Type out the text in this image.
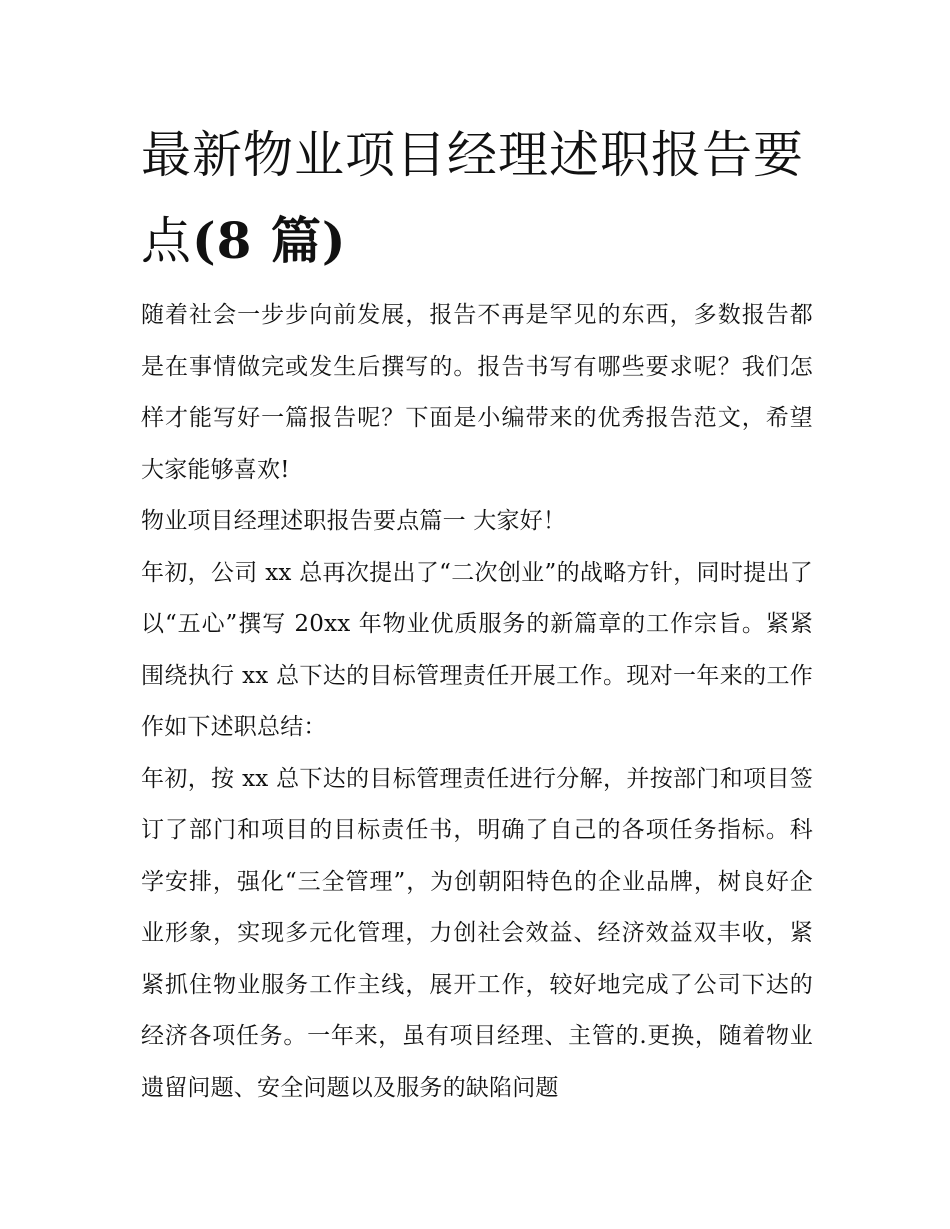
最新物业项目经理述职报告要
点(8 篇)

随着社会一步步向前发展，报告不再是罕见的东西，多数报告都是在事情做完或发生后撰写的。报告书写有哪些要求呢？我们怎样才能写好一篇报告呢？下面是小编带来的优秀报告范文，希望大家能够喜欢!

物业项目经理述职报告要点篇一 大家好！

年初，公司 xx 总再次提出了“二次创业”的战略方针，同时提出了以“五心”撰写 20xx 年物业优质服务的新篇章的工作宗旨。紧紧围绕执行 xx 总下达的目标管理责任开展工作。现对一年来的工作作如下述职总结：

年初，按 xx 总下达的目标管理责任进行分解，并按部门和项目签订了部门和项目的目标责任书，明确了自己的各项任务指标。科学安排，强化“三全管理”，为创朝阳特色的企业品牌，树良好企业形象，实现多元化管理，力创社会效益、经济效益双丰收，紧紧抓住物业服务工作主线，展开工作，较好地完成了公司下达的经济各项任务。一年来，虽有项目经理、主管的.更换，随着物业遗留问题、安全问题以及服务的缺陷问题
